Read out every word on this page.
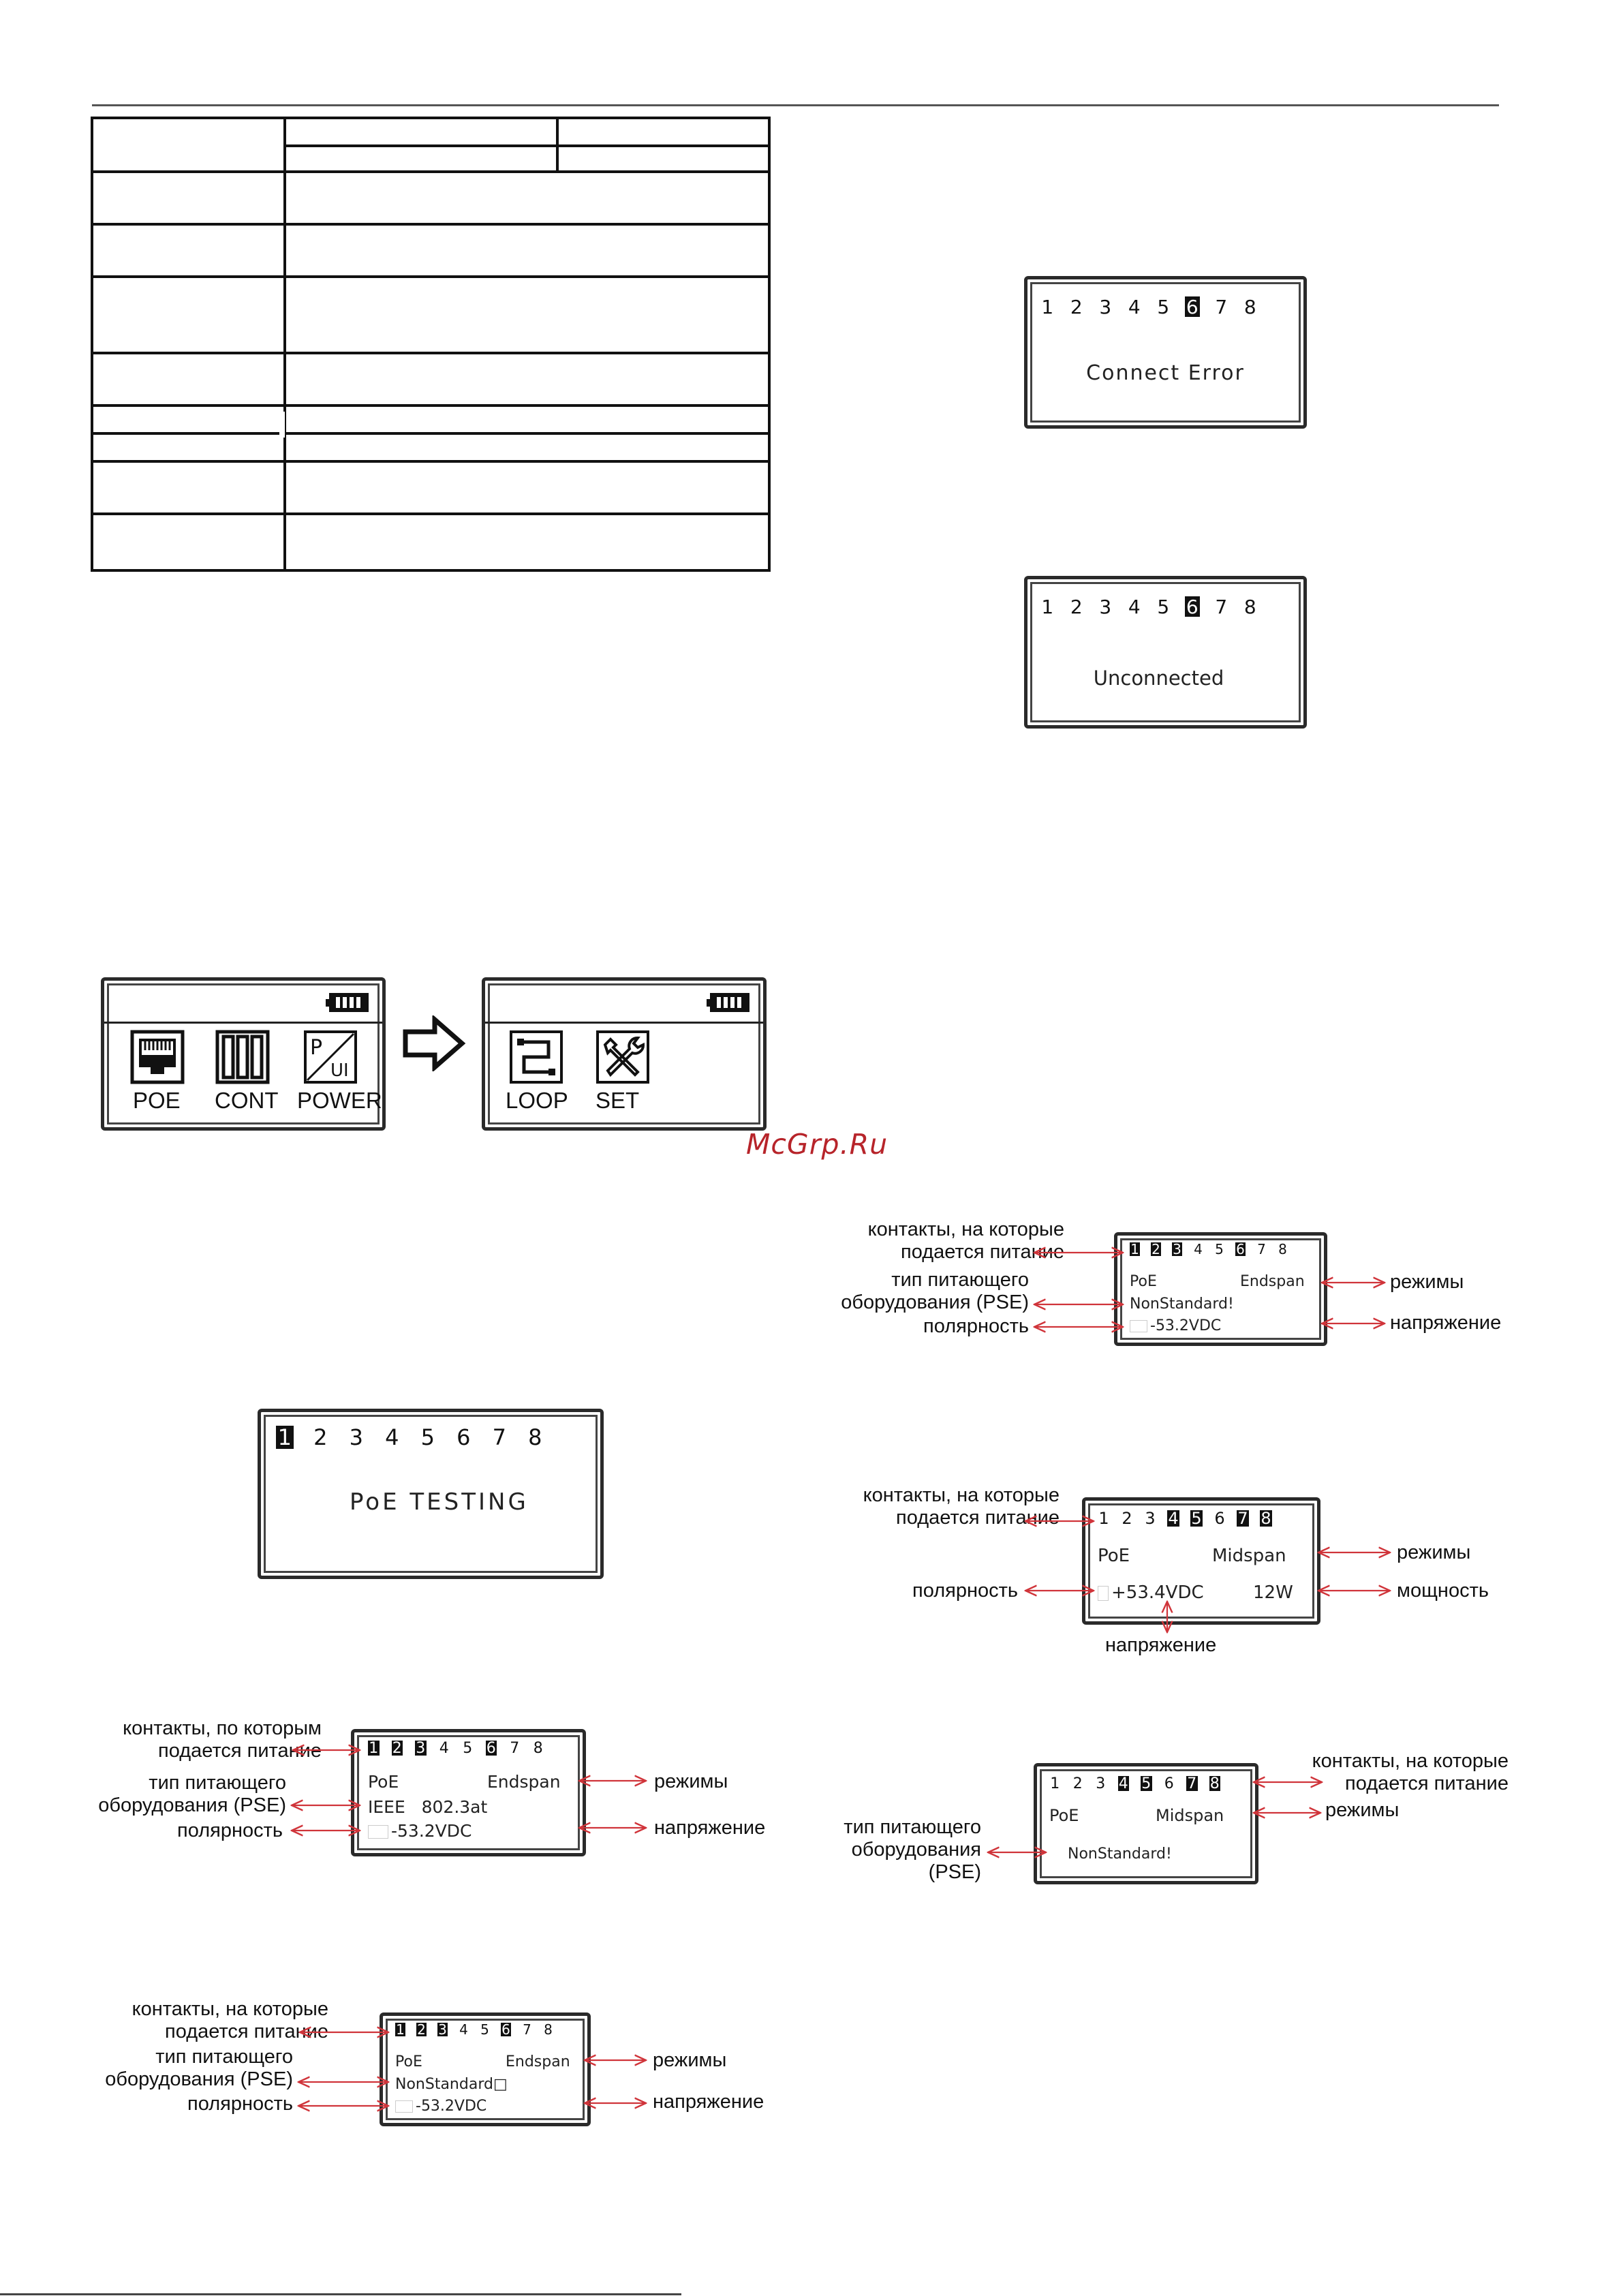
1 2 3 4 5 6 7 8
Connect Error
1 2 3 4 5 6 7 8
Unconnected
P
UI
POE CONT POWER	LOOP SET
McGrp.Ru
1 2 3 4 5 6 7 8
PoE TESTING
1 2 3 4 5 6 7 8
PoE	Endspan
IEEE   802.3at
-53.2VDC
контакты, по которым
подается питание
тип питающего
оборудования (PSE)
полярность
режимы
напряжение
1 2 3 4 5 6 7 8
PoE	Endspan
NonStandard□
-53.2VDC
контакты, на которые
подается питание
тип питающего
оборудования (PSE)
полярность
режимы
напряжение
1 2 3 4 5 6 7 8
PoE	Endspan
NonStandard!
-53.2VDC
контакты, на которые
подается питание
тип питающего
оборудования (PSE)
полярность
режимы
напряжение
1 2 3 4 5 6 7 8
PoE	Midspan
+53.4VDC	12W
контакты, на которые
подается питание
полярность
режимы
мощность
напряжение
1 2 3 4 5 6 7 8
PoE	Midspan
NonStandard!
контакты, на которые
подается питание
режимы
тип питающего
оборудования
(PSE)
